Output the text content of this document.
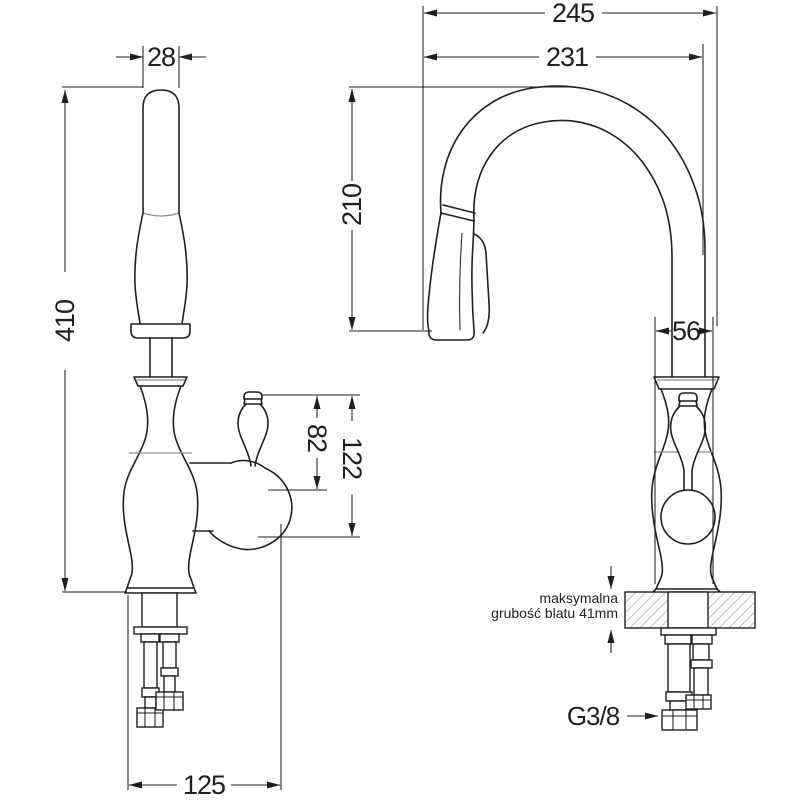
28
410
82 122
125
245
231
210
56
maksymalna
grubość blatu 41mm
G3/8
